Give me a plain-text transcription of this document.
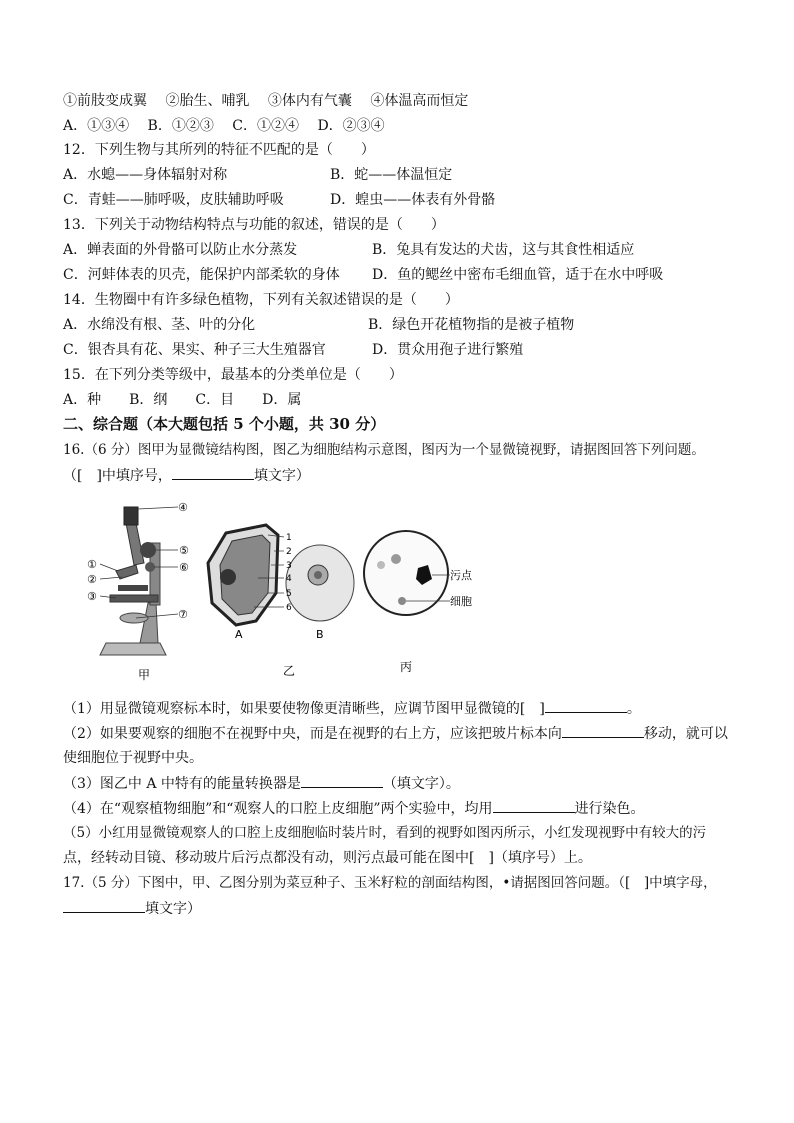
①前肢变成翼　 ②胎生、哺乳　 ③体内有气囊　 ④体温高而恒定
A．①③④　 B．①②③　 C．①②④　 D．②③④
12．下列生物与其所列的特征不匹配的是（　　）
A．水螅——身体辐射对称	B．蛇——体温恒定
C．青蛙——肺呼吸，皮肤辅助呼吸	D．蝗虫——体表有外骨骼
13．下列关于动物结构特点与功能的叙述，错误的是（　　）
A．蝉表面的外骨骼可以防止水分蒸发	B．兔具有发达的犬齿，这与其食性相适应
C．河蚌体表的贝壳，能保护内部柔软的身体 D．鱼的鳃丝中密布毛细血管，适于在水中呼吸
14．生物圈中有许多绿色植物，下列有关叙述错误的是（　　）
A．水绵没有根、茎、叶的分化	B．绿色开花植物指的是被子植物
C．银杏具有花、果实、种子三大生殖器官	D．贯众用孢子进行繁殖
15．在下列分类等级中，最基本的分类单位是（　　）
A．种　　B．纲　　C．目　　D．属
二、综合题（本大题包括 5 个小题，共 30 分）
16.（6 分）图甲为显微镜结构图，图乙为细胞结构示意图，图丙为一个显微镜视野，请据图回答下列问题。
（[　]中填序号，	填文字）
④
⑤
⑥
⑦
①
②
③
甲
1
2
3
4
5
6
A	B
乙
污点
细胞
丙
（1）用显微镜观察标本时，如果要使物像更清晰些，应调节图甲显微镜的[　]	。
（2）如果要观察的细胞不在视野中央，而是在视野的右上方，应该把玻片标本向	移动，就可以
使细胞位于视野中央。
（3）图乙中 A 中特有的能量转换器是	（填文字）。
（4）在“观察植物细胞”和“观察人的口腔上皮细胞”两个实验中，均用	进行染色。
（5）小红用显微镜观察人的口腔上皮细胞临时装片时，看到的视野如图丙所示，小红发现视野中有较大的污
点，经转动目镜、移动玻片后污点都没有动，则污点最可能在图中[　]（填序号）上。
17.（5 分）下图中，甲、乙图分别为菜豆种子、玉米籽粒的剖面结构图，•请据图回答问题。（[　]中填字母，
填文字）
